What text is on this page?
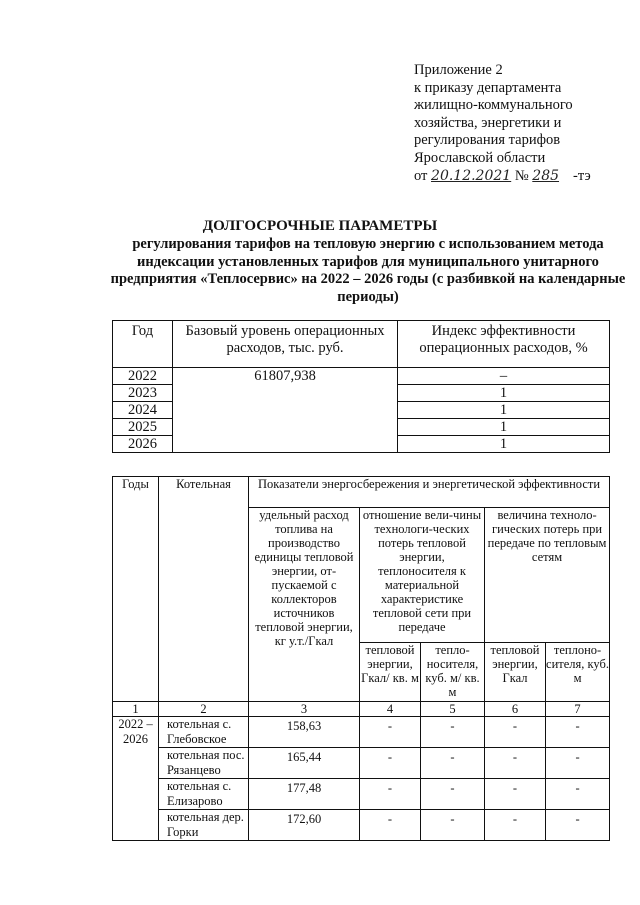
Приложение 2
к приказу департамента
жилищно-коммунального
хозяйства, энергетики и
регулирования тарифов
Ярославской области
от 20.12.2021 № 285 -тэ
ДОЛГОСРОЧНЫЕ ПАРАМЕТРЫ
регулирования тарифов на тепловую энергию с использованием метода индексации установленных тарифов для муниципального унитарного предприятия «Теплосервис» на 2022 – 2026 годы (с разбивкой на календарные периоды)
Год	Базовый уровень операционных расходов, тыс. руб.	Индекс эффективности операционных расходов, %
2022	61807,938	–
2023		1
2024		1
2025		1
2026		1
Годы	Котельная	Показатели энергосбережения и энергетической эффективности				
		удельный расход топлива на производство единицы тепловой энергии, от-пускаемой с коллекторов источников тепловой энергии, кг у.т./Гкал	отношение вели-чины технологи-ческих потерь тепловой энергии, теплоносителя к материальной характеристике тепловой сети при передаче		величина техноло-гических потерь при передаче по тепловым сетям	
			тепловой энергии, Гкал/ кв. м	тепло-носителя, куб. м/ кв. м	тепловой энергии, Гкал	теплоно-сителя, куб. м
1	2	3	4	5	6	7
2022 – 2026	котельная с. Глебовское	158,63	-	-	-	-
	котельная пос. Рязанцево	165,44	-	-	-	-
	котельная с. Елизарово	177,48	-	-	-	-
	котельная дер. Горки	172,60	-	-	-	-
